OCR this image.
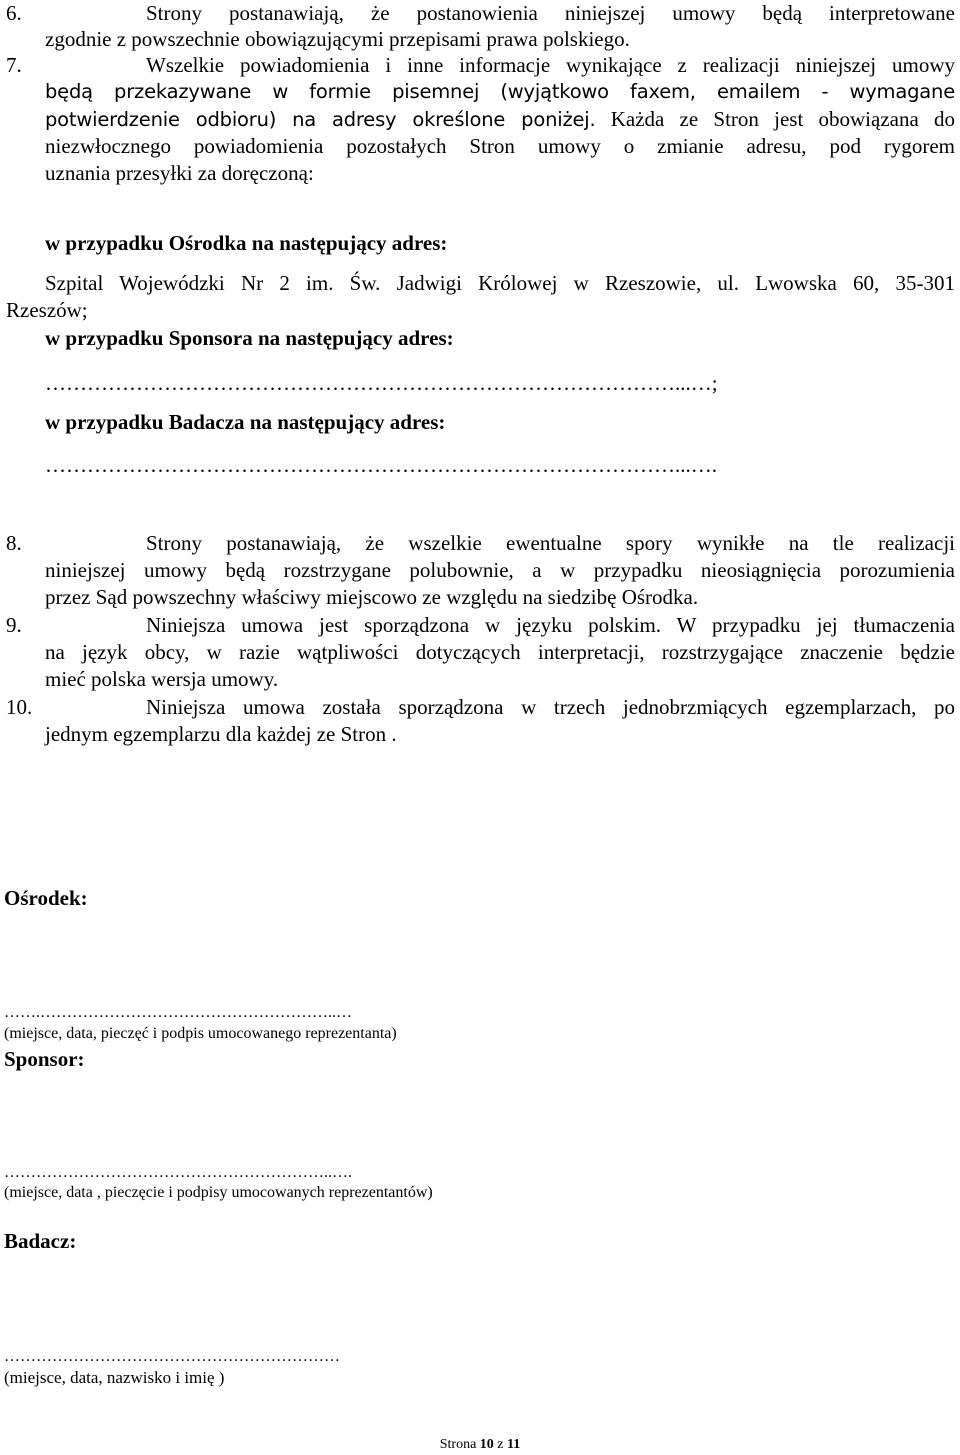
6.	Strony postanawiają, że postanowienia niniejszej umowy będą interpretowane
zgodnie z powszechnie obowiązującymi przepisami prawa polskiego.
7.	Wszelkie powiadomienia i inne informacje wynikające z realizacji niniejszej umowy
będą przekazywane w formie pisemnej (wyjątkowo faxem, emailem - wymagane
potwierdzenie odbioru) na adresy określone poniżej. Każda ze Stron jest obowiązana do
niezwłocznego powiadomienia pozostałych Stron umowy o zmianie adresu, pod rygorem
uznania przesyłki za doręczoną:
w przypadku Ośrodka na następujący adres:
Szpital Wojewódzki Nr 2 im. Św. Jadwigi Królowej w Rzeszowie, ul. Lwowska 60, 35-301
Rzeszów;
w przypadku Sponsora na następujący adres:
………………………………………………………………………………...…;
w przypadku Badacza na następujący adres:
………………………………………………………………………………...….
8.	Strony postanawiają, że wszelkie ewentualne spory wynikłe na tle realizacji
niniejszej umowy będą rozstrzygane polubownie, a w przypadku nieosiągnięcia porozumienia
przez Sąd powszechny właściwy miejscowo ze względu na siedzibę Ośrodka.
9.	Niniejsza umowa jest sporządzona w języku polskim. W przypadku jej tłumaczenia
na język obcy, w razie wątpliwości dotyczących interpretacji, rozstrzygające znaczenie będzie
mieć polska wersja umowy.
10.	Niniejsza umowa została sporządzona w trzech jednobrzmiących egzemplarzach, po
jednym egzemplarzu dla każdej ze Stron .
Ośrodek:
…….………………………………………………..…
(miejsce, data, pieczęć i podpis umocowanego reprezentanta)
Sponsor:
……………………………………………………..….
(miejsce, data , pieczęcie i podpisy umocowanych reprezentantów)
Badacz:
………………………………………………………
(miejsce, data, nazwisko i imię )
Strona 10 z 11
